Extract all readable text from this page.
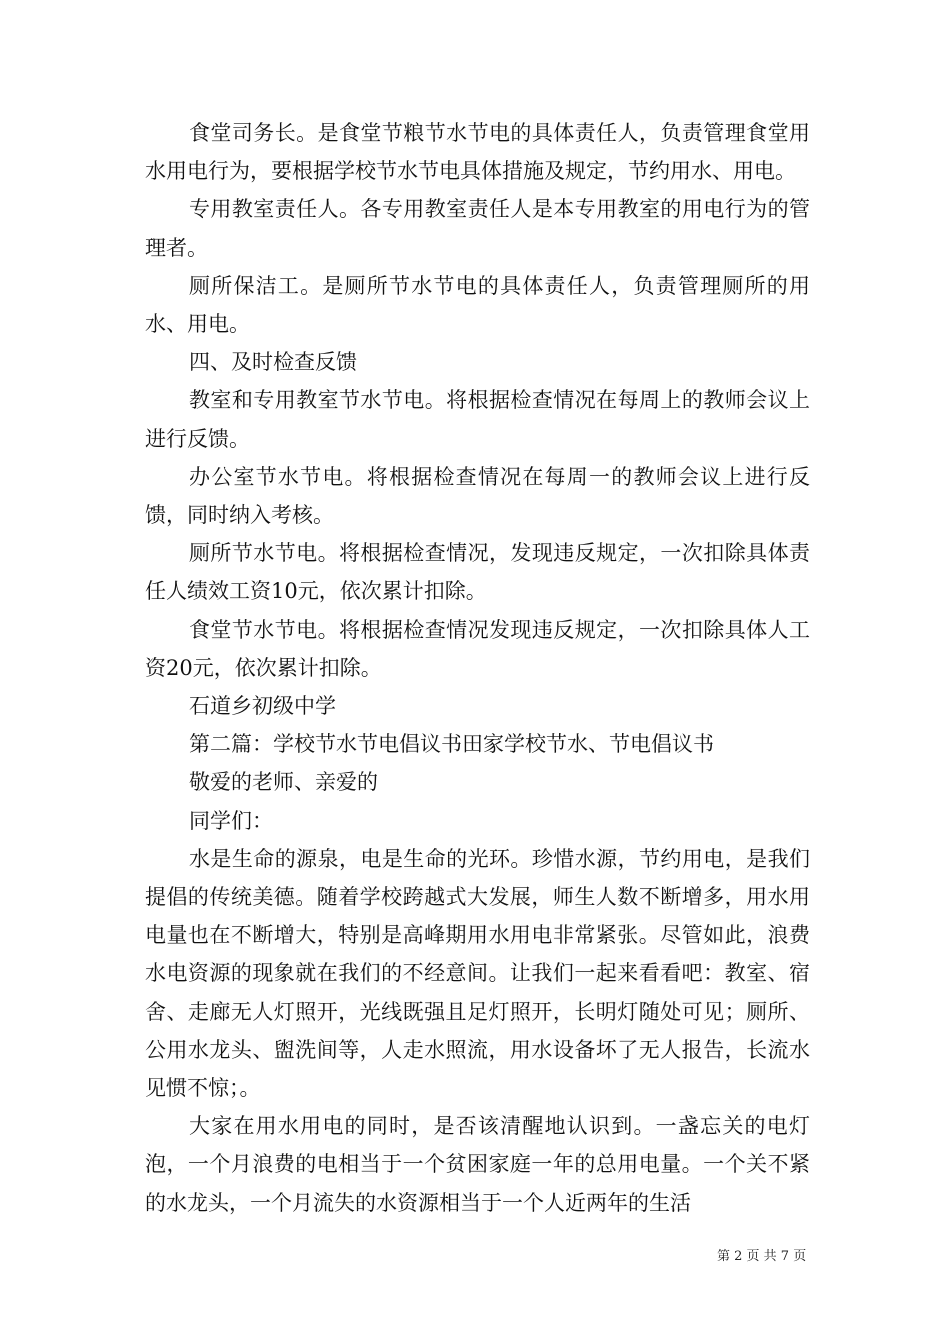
食堂司务长。是食堂节粮节水节电的具体责任人，负责管理食堂用水用电行为，要根据学校节水节电具体措施及规定，节约用水、用电。

专用教室责任人。各专用教室责任人是本专用教室的用电行为的管理者。

厕所保洁工。是厕所节水节电的具体责任人，负责管理厕所的用水、用电。

四、及时检查反馈

教室和专用教室节水节电。将根据检查情况在每周上的教师会议上进行反馈。

办公室节水节电。将根据检查情况在每周一的教师会议上进行反馈，同时纳入考核。

厕所节水节电。将根据检查情况，发现违反规定，一次扣除具体责任人绩效工资10元，依次累计扣除。

食堂节水节电。将根据检查情况发现违反规定，一次扣除具体人工资20元，依次累计扣除。

石道乡初级中学

第二篇：学校节水节电倡议书田家学校节水、节电倡议书

敬爱的老师、亲爱的

同学们：

水是生命的源泉，电是生命的光环。珍惜水源，节约用电，是我们提倡的传统美德。随着学校跨越式大发展，师生人数不断增多，用水用电量也在不断增大，特别是高峰期用水用电非常紧张。尽管如此，浪费水电资源的现象就在我们的不经意间。让我们一起来看看吧：教室、宿舍、走廊无人灯照开，光线既强且足灯照开，长明灯随处可见；厕所、公用水龙头、盥洗间等，人走水照流，用水设备坏了无人报告，长流水见惯不惊；。

大家在用水用电的同时，是否该清醒地认识到。一盏忘关的电灯泡，一个月浪费的电相当于一个贫困家庭一年的总用电量。一个关不紧的水龙头，一个月流失的水资源相当于一个人近两年的生活

第 2 页 共 7 页
